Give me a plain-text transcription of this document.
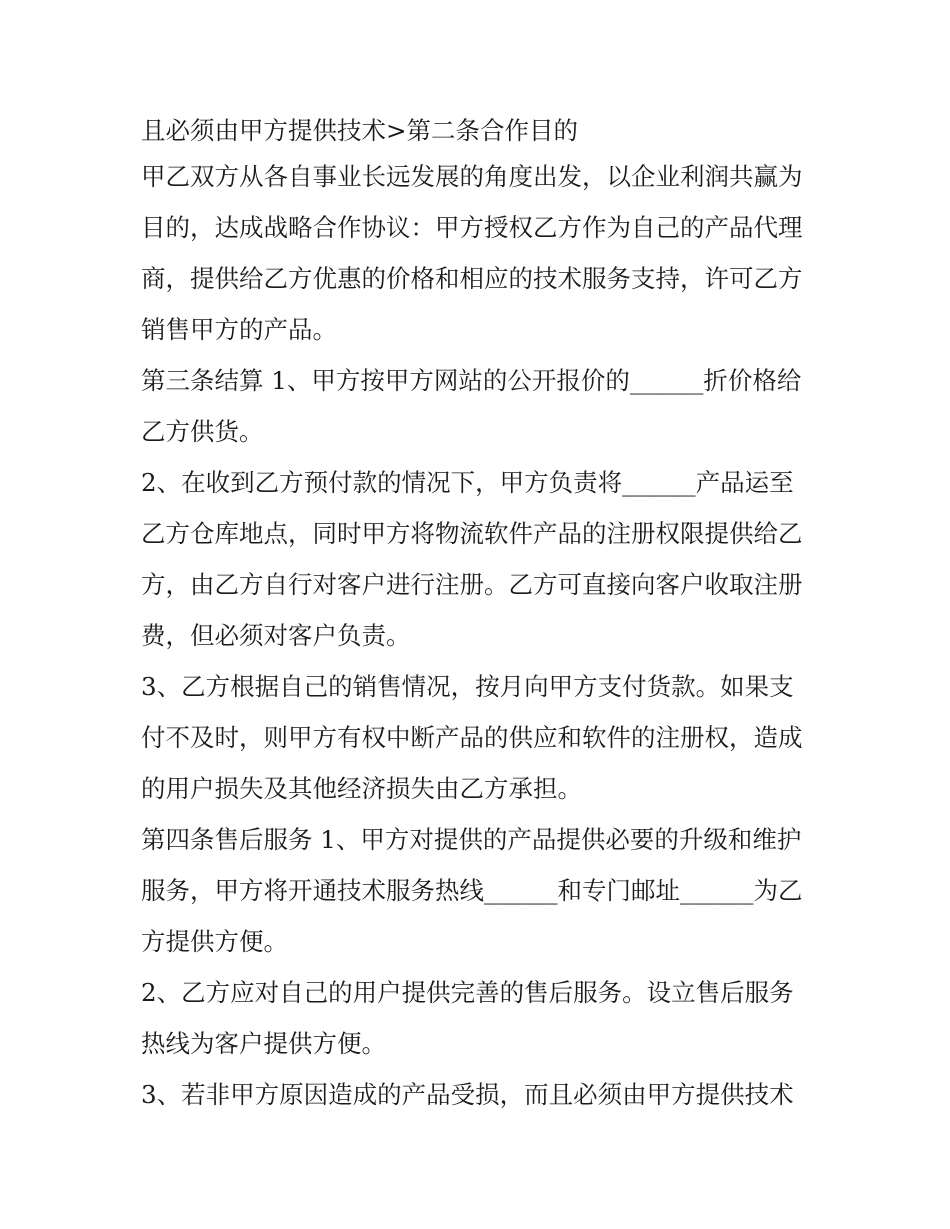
且必须由甲方提供技术>第二条合作目的
甲乙双方从各自事业长远发展的角度出发，以企业利润共赢为
目的，达成战略合作协议：甲方授权乙方作为自己的产品代理
商，提供给乙方优惠的价格和相应的技术服务支持，许可乙方
销售甲方的产品。
第三条结算 1、甲方按甲方网站的公开报价的______折价格给
乙方供货。
2、在收到乙方预付款的情况下，甲方负责将______产品运至
乙方仓库地点，同时甲方将物流软件产品的注册权限提供给乙
方，由乙方自行对客户进行注册。乙方可直接向客户收取注册
费，但必须对客户负责。
3、乙方根据自己的销售情况，按月向甲方支付货款。如果支
付不及时，则甲方有权中断产品的供应和软件的注册权，造成
的用户损失及其他经济损失由乙方承担。
第四条售后服务 1、甲方对提供的产品提供必要的升级和维护
服务，甲方将开通技术服务热线______和专门邮址______为乙
方提供方便。
2、乙方应对自己的用户提供完善的售后服务。设立售后服务
热线为客户提供方便。
3、若非甲方原因造成的产品受损，而且必须由甲方提供技术
